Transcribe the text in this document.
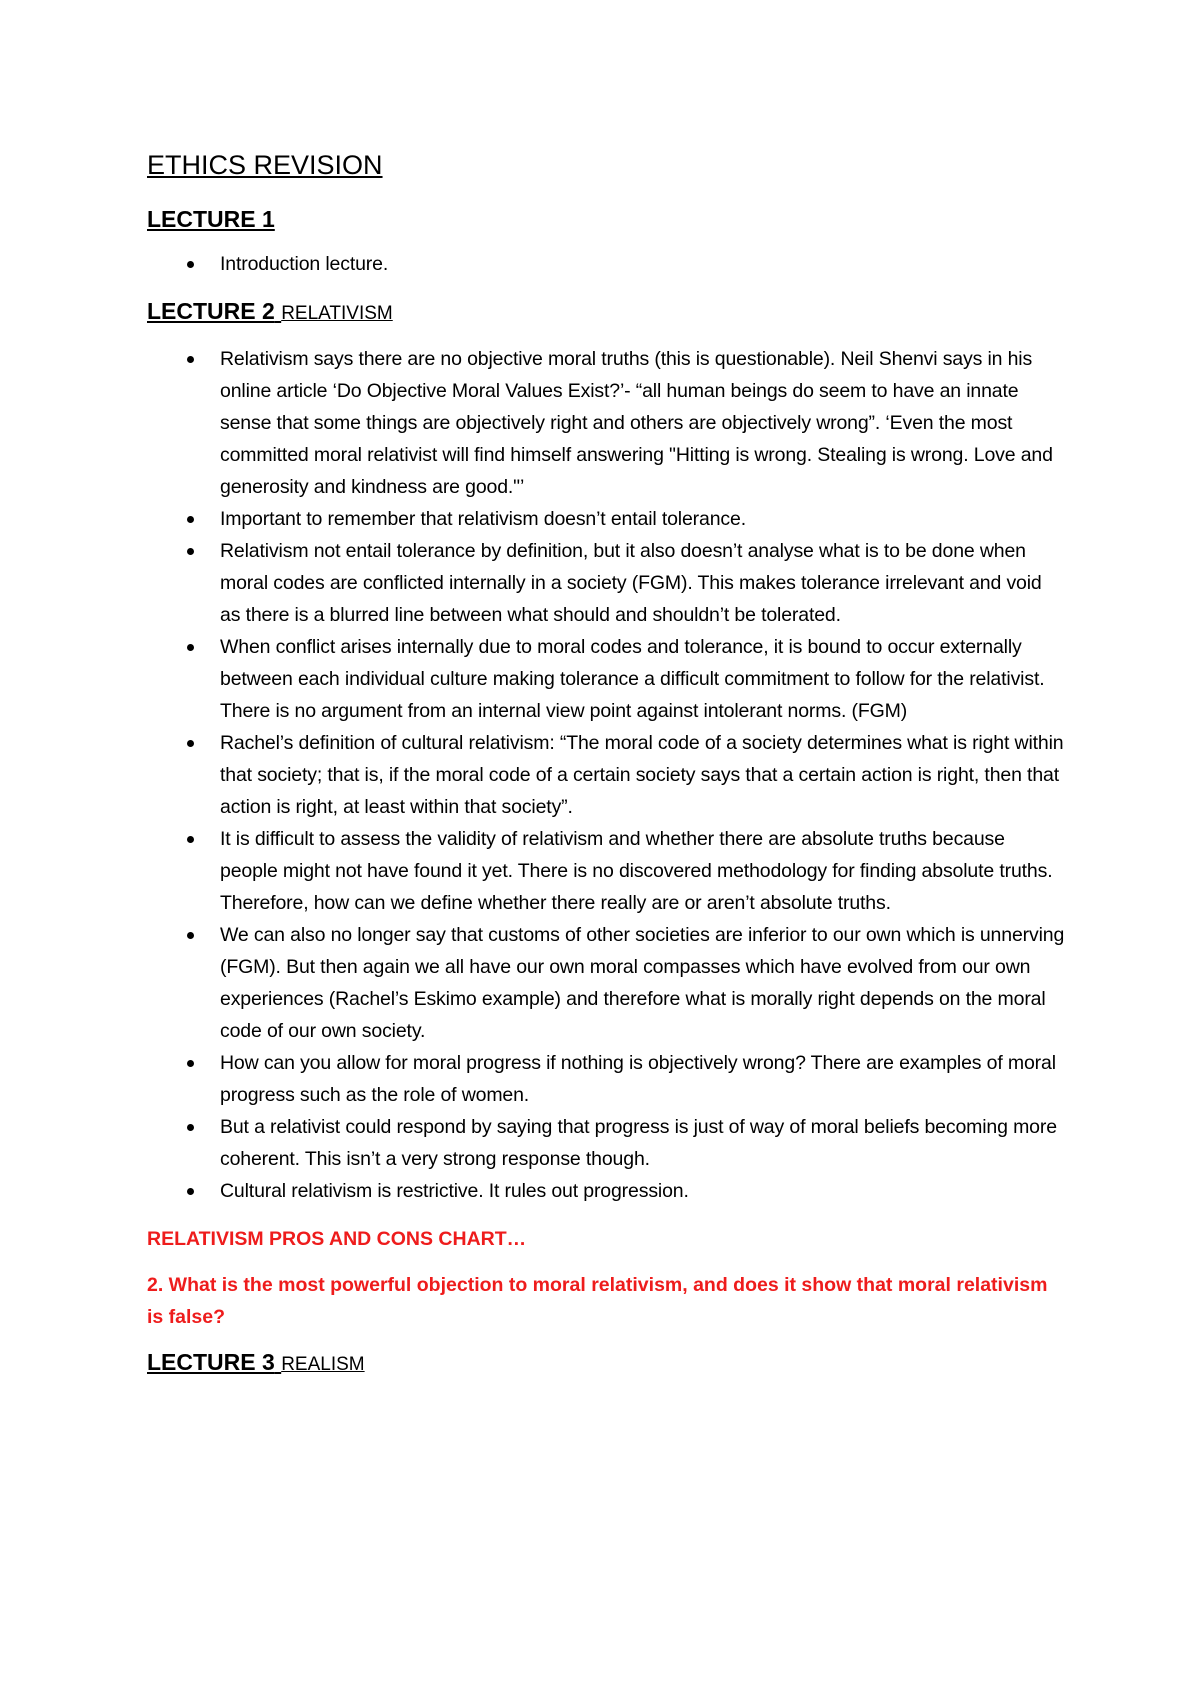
ETHICS REVISION
LECTURE 1
Introduction lecture.
LECTURE 2 RELATIVISM
Relativism says there are no objective moral truths (this is questionable). Neil Shenvi says in his online article ‘Do Objective Moral Values Exist?’- “all human beings do seem to have an innate sense that some things are objectively right and others are objectively wrong”. ‘Even the most committed moral relativist will find himself answering "Hitting is wrong. Stealing is wrong. Love and generosity and kindness are good."’
Important to remember that relativism doesn’t entail tolerance.
Relativism not entail tolerance by definition, but it also doesn’t analyse what is to be done when moral codes are conflicted internally in a society (FGM). This makes tolerance irrelevant and void as there is a blurred line between what should and shouldn’t be tolerated.
When conflict arises internally due to moral codes and tolerance, it is bound to occur externally between each individual culture making tolerance a difficult commitment to follow for the relativist. There is no argument from an internal view point against intolerant norms. (FGM)
Rachel’s definition of cultural relativism: “The moral code of a society determines what is right within that society; that is, if the moral code of a certain society says that a certain action is right, then that action is right, at least within that society”.
It is difficult to assess the validity of relativism and whether there are absolute truths because people might not have found it yet. There is no discovered methodology for finding absolute truths. Therefore, how can we define whether there really are or aren’t absolute truths.
We can also no longer say that customs of other societies are inferior to our own which is unnerving (FGM). But then again we all have our own moral compasses which have evolved from our own experiences (Rachel’s Eskimo example) and therefore what is morally right depends on the moral code of our own society.
How can you allow for moral progress if nothing is objectively wrong? There are examples of moral progress such as the role of women.
But a relativist could respond by saying that progress is just of way of moral beliefs becoming more coherent. This isn’t a very strong response though.
Cultural relativism is restrictive. It rules out progression.

RELATIVISM PROS AND CONS CHART…

2. What is the most powerful objection to moral relativism, and does it show that moral relativism is false?

LECTURE 3 REALISM
